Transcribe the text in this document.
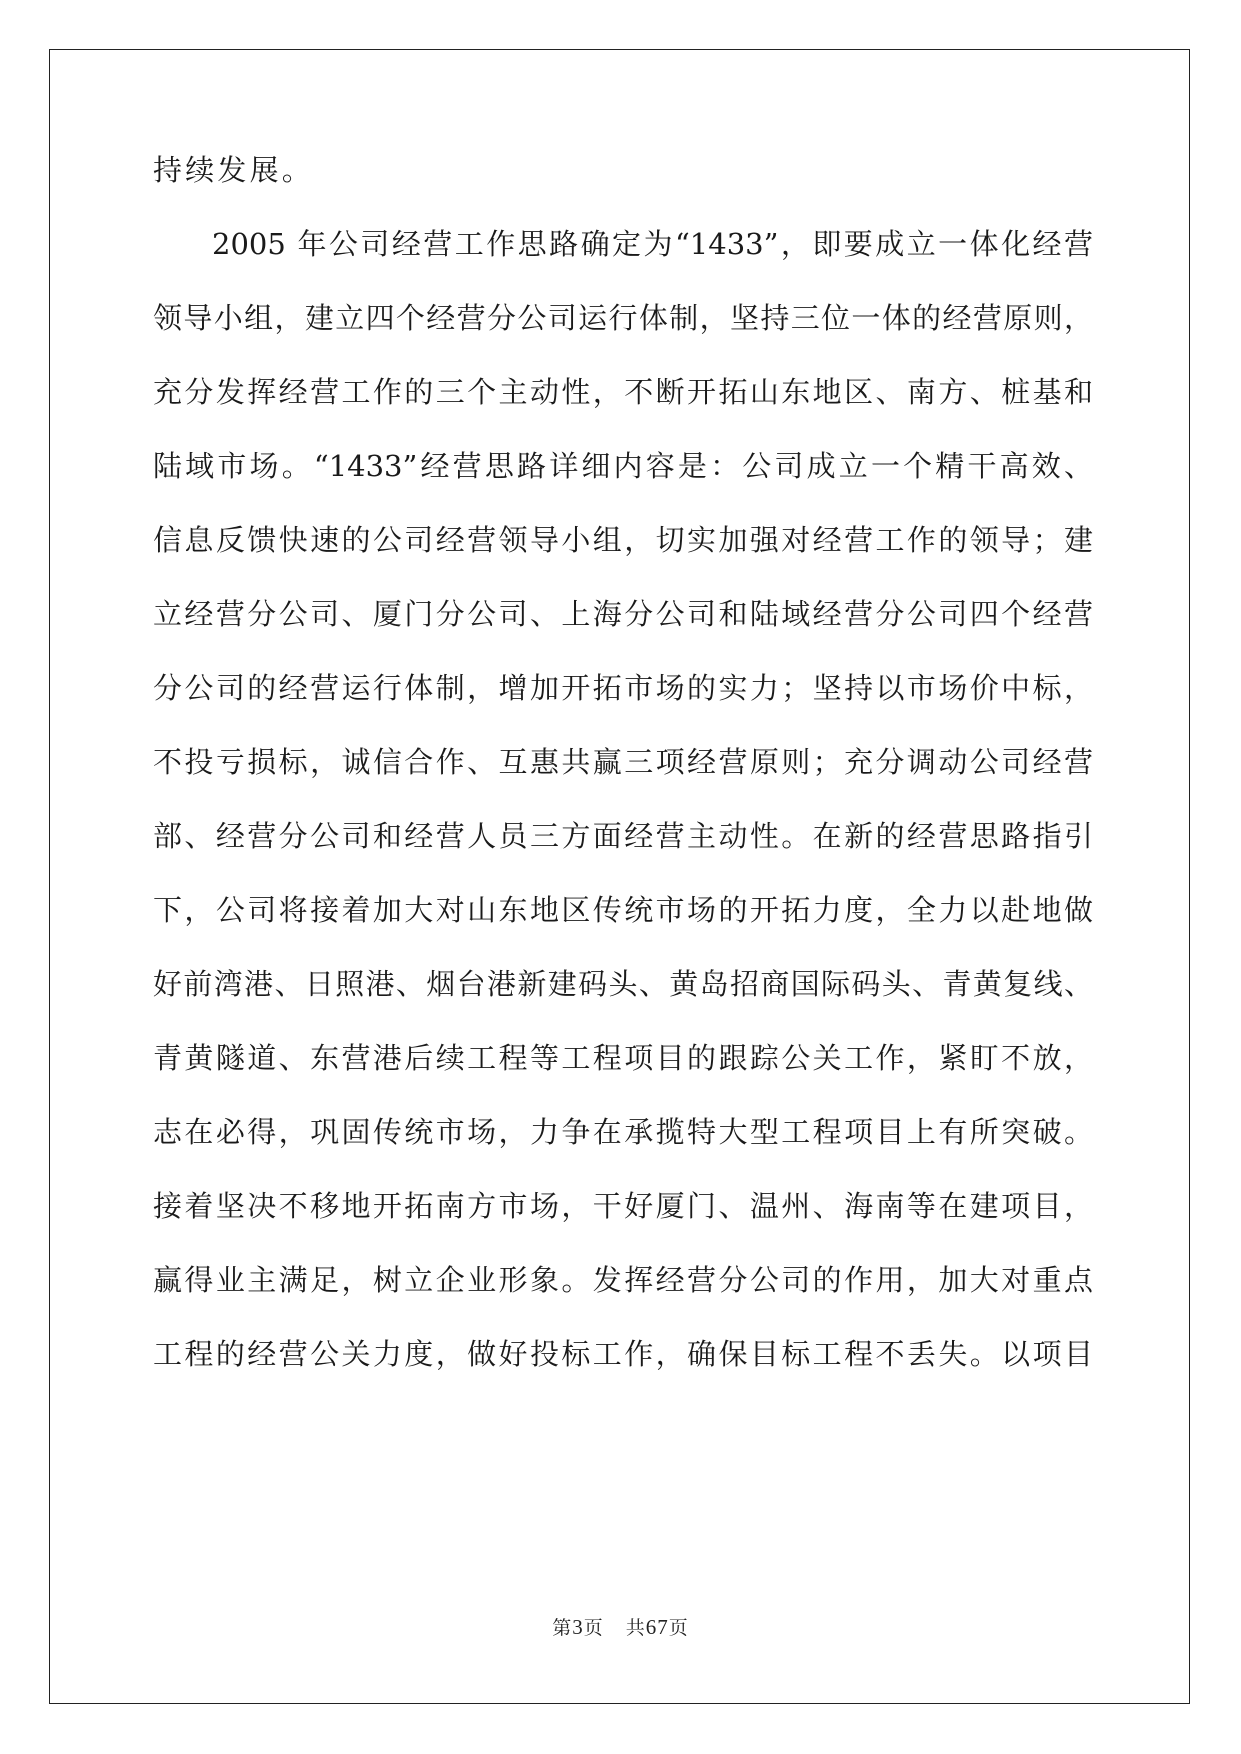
持续发展。
2005 年公司经营工作思路确定为“1433”，即要成立一体化经营
领导小组，建立四个经营分公司运行体制，坚持三位一体的经营原则，
充分发挥经营工作的三个主动性，不断开拓山东地区、南方、桩基和
陆域市场。“1433”经营思路详细内容是：公司成立一个精干高效、
信息反馈快速的公司经营领导小组，切实加强对经营工作的领导；建
立经营分公司、厦门分公司、上海分公司和陆域经营分公司四个经营
分公司的经营运行体制，增加开拓市场的实力；坚持以市场价中标，
不投亏损标，诚信合作、互惠共赢三项经营原则；充分调动公司经营
部、经营分公司和经营人员三方面经营主动性。在新的经营思路指引
下，公司将接着加大对山东地区传统市场的开拓力度，全力以赴地做
好前湾港、日照港、烟台港新建码头、黄岛招商国际码头、青黄复线、
青黄隧道、东营港后续工程等工程项目的跟踪公关工作，紧盯不放，
志在必得，巩固传统市场，力争在承揽特大型工程项目上有所突破。
接着坚决不移地开拓南方市场，干好厦门、温州、海南等在建项目，
赢得业主满足，树立企业形象。发挥经营分公司的作用，加大对重点
工程的经营公关力度，做好投标工作，确保目标工程不丢失。以项目
第3页 共67页
